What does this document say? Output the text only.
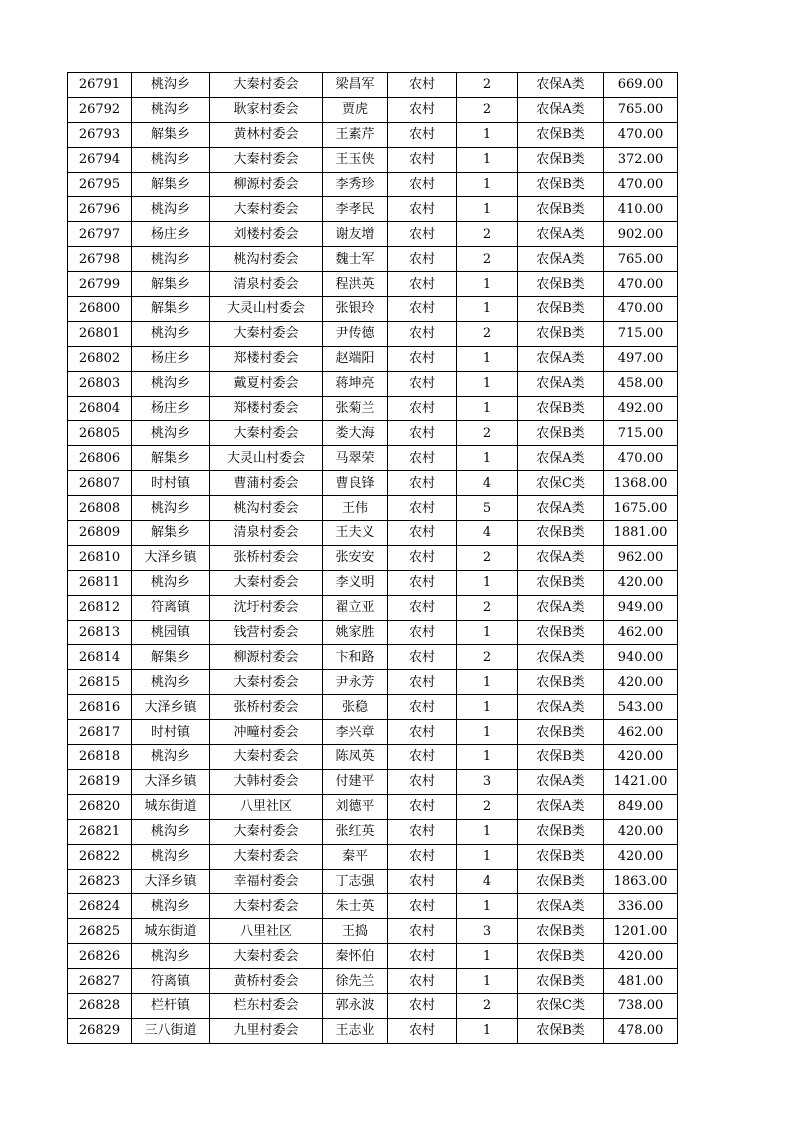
26791	桃沟乡	大秦村委会	梁昌军	农村	2	农保A类	669.00
26792	桃沟乡	耿家村委会	贾虎	农村	2	农保A类	765.00
26793	解集乡	黄林村委会	王素芹	农村	1	农保B类	470.00
26794	桃沟乡	大秦村委会	王玉侠	农村	1	农保B类	372.00
26795	解集乡	柳源村委会	李秀珍	农村	1	农保B类	470.00
26796	桃沟乡	大秦村委会	李孝民	农村	1	农保B类	410.00
26797	杨庄乡	刘楼村委会	谢友增	农村	2	农保A类	902.00
26798	桃沟乡	桃沟村委会	魏士军	农村	2	农保A类	765.00
26799	解集乡	清泉村委会	程洪英	农村	1	农保B类	470.00
26800	解集乡	大灵山村委会	张银玲	农村	1	农保B类	470.00
26801	桃沟乡	大秦村委会	尹传德	农村	2	农保B类	715.00
26802	杨庄乡	郑楼村委会	赵端阳	农村	1	农保A类	497.00
26803	桃沟乡	戴夏村委会	蒋坤亮	农村	1	农保A类	458.00
26804	杨庄乡	郑楼村委会	张菊兰	农村	1	农保B类	492.00
26805	桃沟乡	大秦村委会	娄大海	农村	2	农保B类	715.00
26806	解集乡	大灵山村委会	马翠荣	农村	1	农保A类	470.00
26807	时村镇	曹蒲村委会	曹良锋	农村	4	农保C类	1368.00
26808	桃沟乡	桃沟村委会	王伟	农村	5	农保A类	1675.00
26809	解集乡	清泉村委会	王夫义	农村	4	农保B类	1881.00
26810	大泽乡镇	张桥村委会	张安安	农村	2	农保A类	962.00
26811	桃沟乡	大秦村委会	李义明	农村	1	农保B类	420.00
26812	符离镇	沈圩村委会	翟立亚	农村	2	农保A类	949.00
26813	桃园镇	钱营村委会	姚家胜	农村	1	农保B类	462.00
26814	解集乡	柳源村委会	卞和路	农村	2	农保A类	940.00
26815	桃沟乡	大秦村委会	尹永芳	农村	1	农保B类	420.00
26816	大泽乡镇	张桥村委会	张稳	农村	1	农保A类	543.00
26817	时村镇	冲疃村委会	李兴章	农村	1	农保B类	462.00
26818	桃沟乡	大秦村委会	陈凤英	农村	1	农保B类	420.00
26819	大泽乡镇	大韩村委会	付建平	农村	3	农保A类	1421.00
26820	城东街道	八里社区	刘德平	农村	2	农保A类	849.00
26821	桃沟乡	大秦村委会	张红英	农村	1	农保B类	420.00
26822	桃沟乡	大秦村委会	秦平	农村	1	农保B类	420.00
26823	大泽乡镇	幸福村委会	丁志强	农村	4	农保B类	1863.00
26824	桃沟乡	大秦村委会	朱士英	农村	1	农保A类	336.00
26825	城东街道	八里社区	王捣	农村	3	农保B类	1201.00
26826	桃沟乡	大秦村委会	秦怀伯	农村	1	农保B类	420.00
26827	符离镇	黄桥村委会	徐先兰	农村	1	农保B类	481.00
26828	栏杆镇	栏东村委会	郭永波	农村	2	农保C类	738.00
26829	三八街道	九里村委会	王志业	农村	1	农保B类	478.00
